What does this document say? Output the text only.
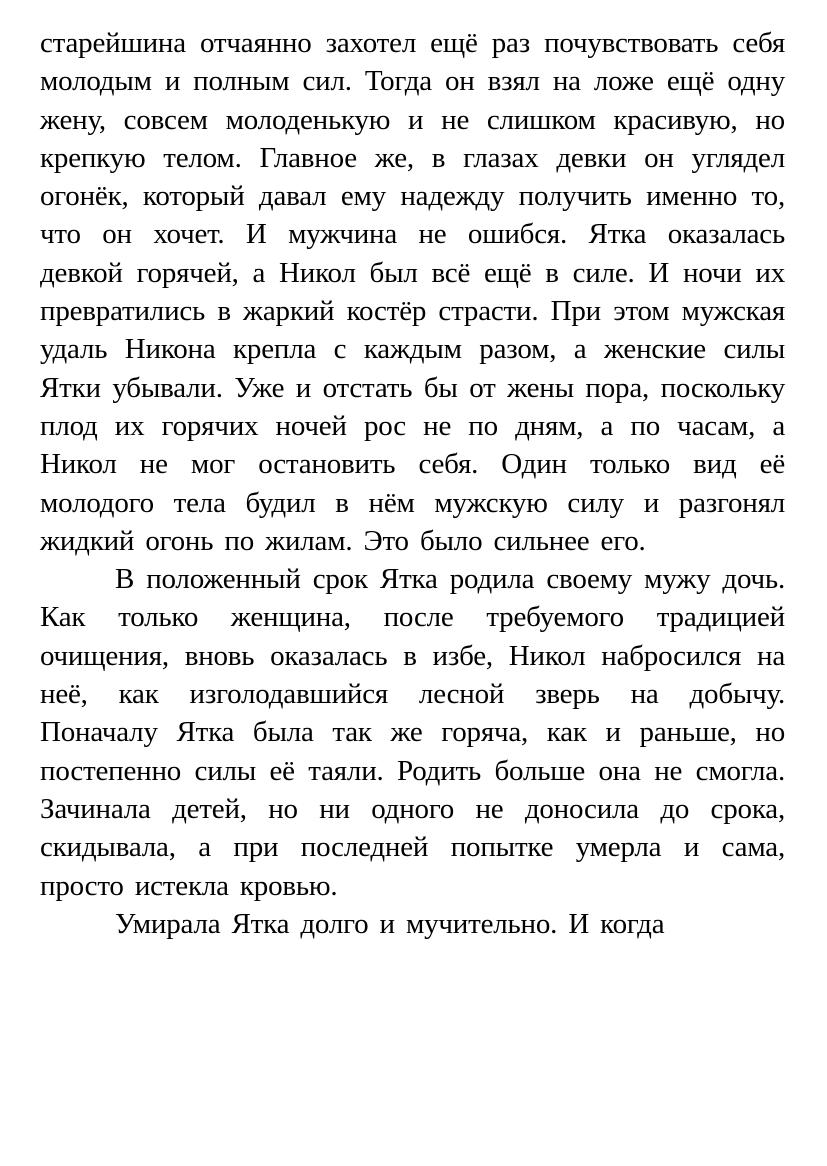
старейшина отчаянно захотел ещё раз почувствовать себя молодым и полным сил. Тогда он взял на ложе ещё одну жену, совсем молоденькую и не слишком красивую, но крепкую телом. Главное же, в глазах девки он углядел огонёк, который давал ему надежду получить именно то, что он хочет. И мужчина не ошибся. Ятка оказалась девкой горячей, а Никол был всё ещё в силе. И ночи их превратились в жаркий костёр страсти. При этом мужская удаль Никона крепла с каждым разом, а женские силы Ятки убывали. Уже и отстать бы от жены пора, поскольку плод их горячих ночей рос не по дням, а по часам, а Никол не мог остановить себя. Один только вид её молодого тела будил в нём мужскую силу и разгонял жидкий огонь по жилам. Это было сильнее его.

В положенный срок Ятка родила своему мужу дочь. Как только женщина, после требуемого традицией очищения, вновь оказалась в избе, Никол набросился на неё, как изголодавшийся лесной зверь на добычу. Поначалу Ятка была так же горяча, как и раньше, но постепенно силы её таяли. Родить больше она не смогла. Зачинала детей, но ни одного не доносила до срока, скидывала, а при последней попытке умерла и сама, просто истекла кровью.

Умирала Ятка долго и мучительно. И когда
